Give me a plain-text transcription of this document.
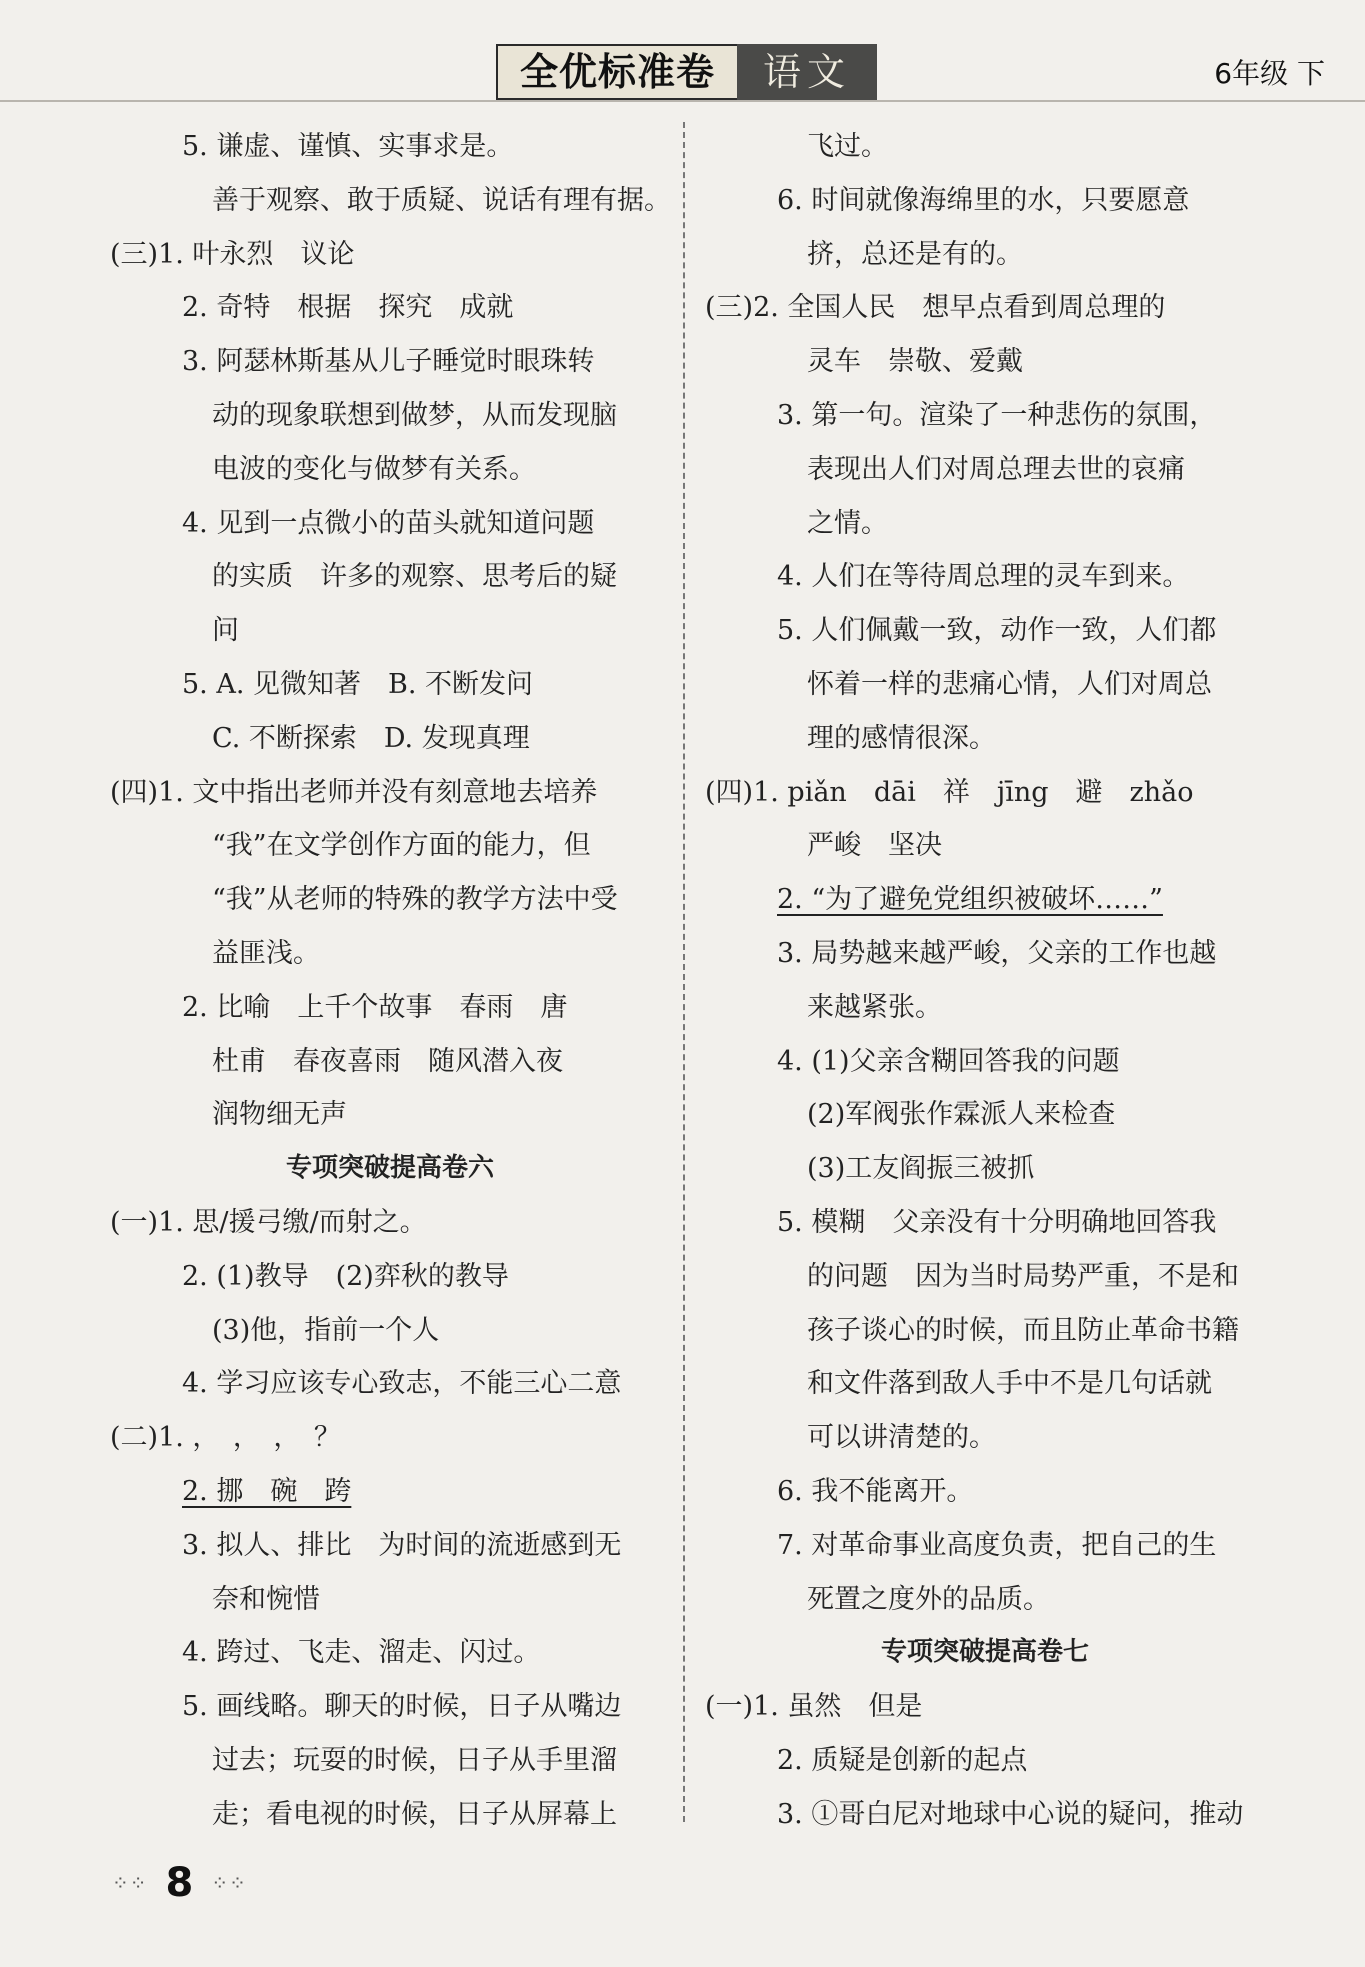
全优标准卷	语文	6年级 下
5. 谦虚、谨慎、实事求是。
善于观察、敢于质疑、说话有理有据。
(三)1. 叶永烈　议论
2. 奇特　根据　探究　成就
3. 阿瑟林斯基从儿子睡觉时眼珠转
动的现象联想到做梦，从而发现脑
电波的变化与做梦有关系。
4. 见到一点微小的苗头就知道问题
的实质　许多的观察、思考后的疑
问
5. A. 见微知著　B. 不断发问
C. 不断探索　D. 发现真理
(四)1. 文中指出老师并没有刻意地去培养
“我”在文学创作方面的能力，但
“我”从老师的特殊的教学方法中受
益匪浅。
2. 比喻　上千个故事　春雨　唐
杜甫　春夜喜雨　随风潜入夜
润物细无声
专项突破提高卷六
(一)1. 思/援弓缴/而射之。
2. (1)教导　(2)弈秋的教导
(3)他，指前一个人
4. 学习应该专心致志，不能三心二意
(二)1. ，　，　，　？
2. 挪　碗　跨
3. 拟人、排比　为时间的流逝感到无
奈和惋惜
4. 跨过、飞走、溜走、闪过。
5. 画线略。聊天的时候，日子从嘴边
过去；玩耍的时候，日子从手里溜
走；看电视的时候，日子从屏幕上
飞过。
6. 时间就像海绵里的水，只要愿意
挤，总还是有的。
(三)2. 全国人民　想早点看到周总理的
灵车　崇敬、爱戴
3. 第一句。渲染了一种悲伤的氛围，
表现出人们对周总理去世的哀痛
之情。
4. 人们在等待周总理的灵车到来。
5. 人们佩戴一致，动作一致，人们都
怀着一样的悲痛心情，人们对周总
理的感情很深。
(四)1. piǎn　dāi　祥　jīng　避　zhǎo
严峻　坚决
2. “为了避免党组织被破坏……”
3. 局势越来越严峻，父亲的工作也越
来越紧张。
4. (1)父亲含糊回答我的问题
(2)军阀张作霖派人来检查
(3)工友阎振三被抓
5. 模糊　父亲没有十分明确地回答我
的问题　因为当时局势严重，不是和
孩子谈心的时候，而且防止革命书籍
和文件落到敌人手中不是几句话就
可以讲清楚的。
6. 我不能离开。
7. 对革命事业高度负责，把自己的生
死置之度外的品质。
专项突破提高卷七
(一)1. 虽然　但是
2. 质疑是创新的起点
3. ①哥白尼对地球中心说的疑问，推动
⁘⁘ 8 ⁘⁘
